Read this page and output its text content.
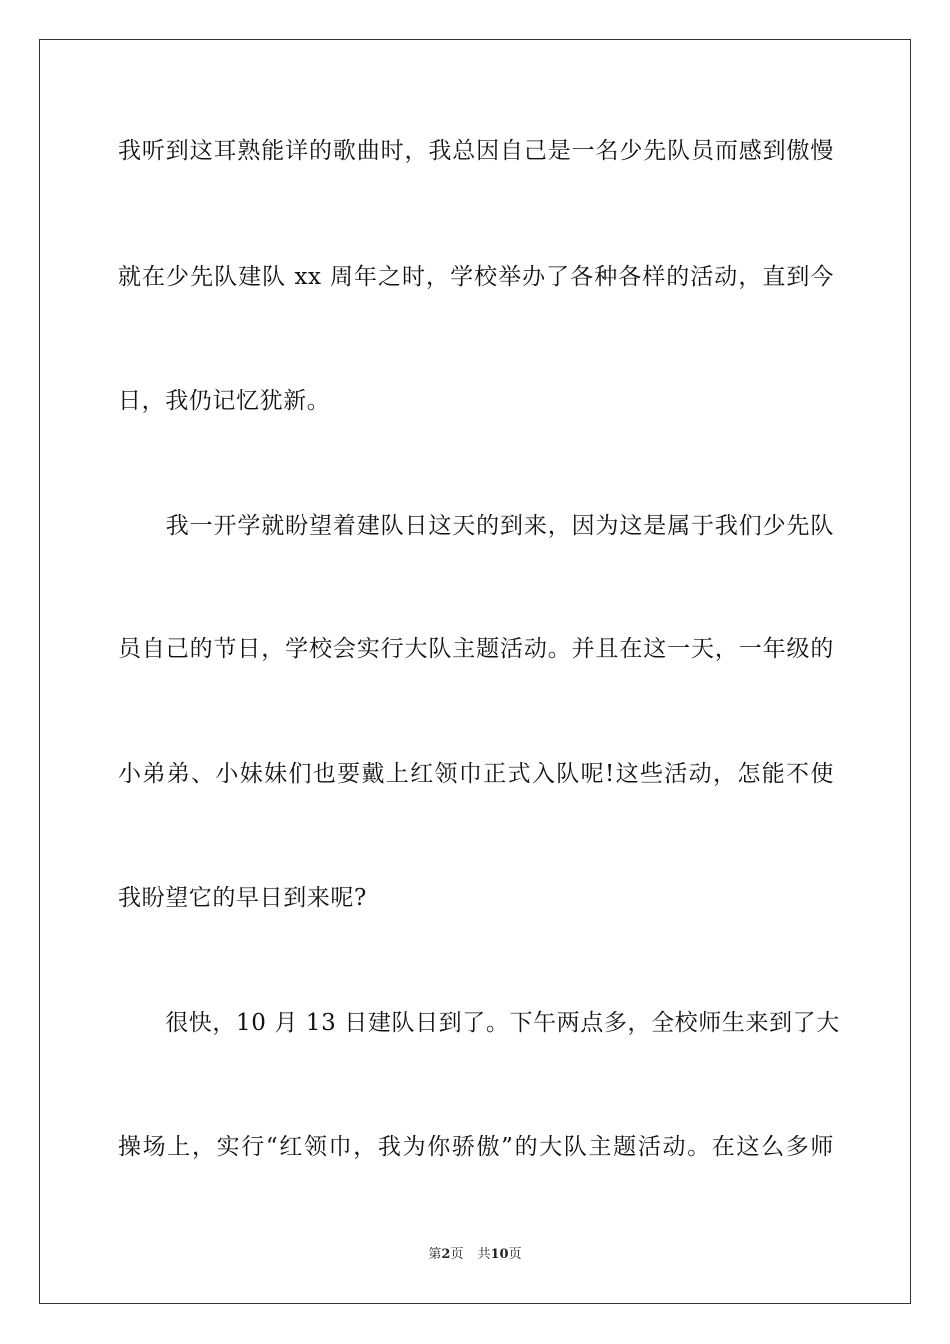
我听到这耳熟能详的歌曲时，我总因自己是一名少先队员而感到傲慢
就在少先队建队 xx 周年之时，学校举办了各种各样的活动，直到今
日，我仍记忆犹新。
　　我一开学就盼望着建队日这天的到来，因为这是属于我们少先队
员自己的节日，学校会实行大队主题活动。并且在这一天，一年级的
小弟弟、小妹妹们也要戴上红领巾正式入队呢!这些活动，怎能不使
我盼望它的早日到来呢?
　　很快，10 月 13 日建队日到了。下午两点多，全校师生来到了大
操场上，实行“红领巾，我为你骄傲”的大队主题活动。在这么多师
第2页 共10页
